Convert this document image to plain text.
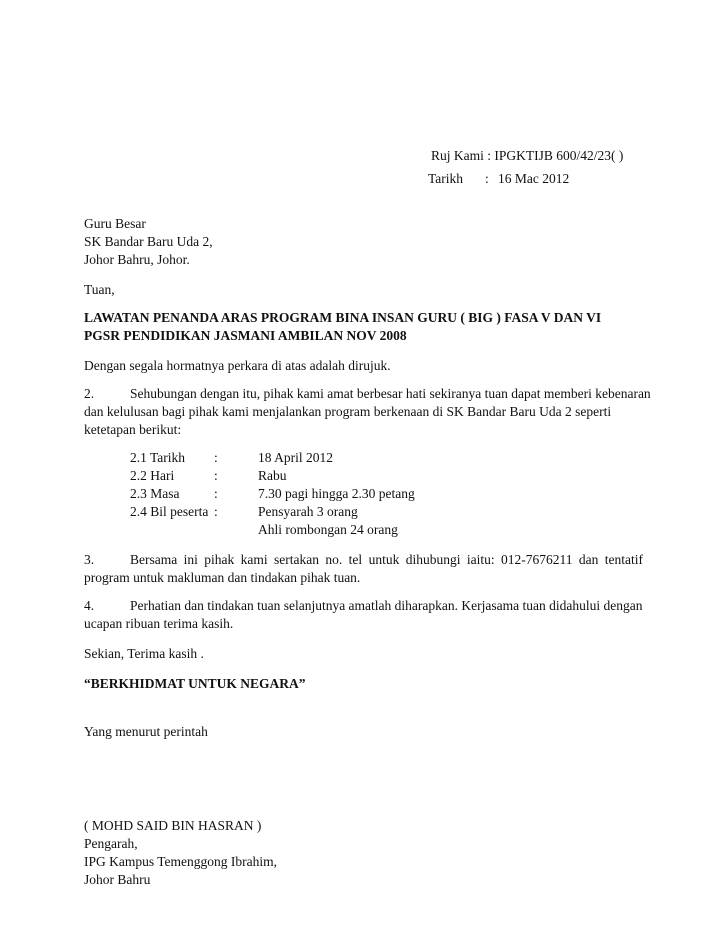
Ruj Kami : IPGKTIJB 600/42/23( )
Tarikh : 16 Mac 2012
Guru Besar
SK Bandar Baru Uda 2,
Johor Bahru, Johor.
Tuan,
LAWATAN PENANDA ARAS PROGRAM BINA INSAN GURU ( BIG ) FASA V DAN VI
PGSR PENDIDIKAN JASMANI AMBILAN NOV 2008
Dengan segala hormatnya perkara di atas adalah dirujuk.
2.	Sehubungan dengan itu, pihak kami amat berbesar hati sekiranya tuan dapat memberi kebenaran
dan kelulusan bagi pihak kami menjalankan program berkenaan di SK Bandar Baru Uda 2 seperti
ketetapan berikut:
2.1 Tarikh :	18 April 2012
2.2 Hari	:	Rabu
2.3 Masa	:	7.30 pagi hingga 2.30 petang
2.4 Bil peserta :	Pensyarah 3 orang
Ahli rombongan 24 orang
3.	Bersama ini pihak kami sertakan no. tel untuk dihubungi iaitu: 012-7676211 dan tentatif
program untuk makluman dan tindakan pihak tuan.
4.	Perhatian dan tindakan tuan selanjutnya amatlah diharapkan. Kerjasama tuan didahului dengan
ucapan ribuan terima kasih.
Sekian, Terima kasih .
“BERKHIDMAT UNTUK NEGARA”
Yang menurut perintah
( MOHD SAID BIN HASRAN )
Pengarah,
IPG Kampus Temenggong Ibrahim,
Johor Bahru
